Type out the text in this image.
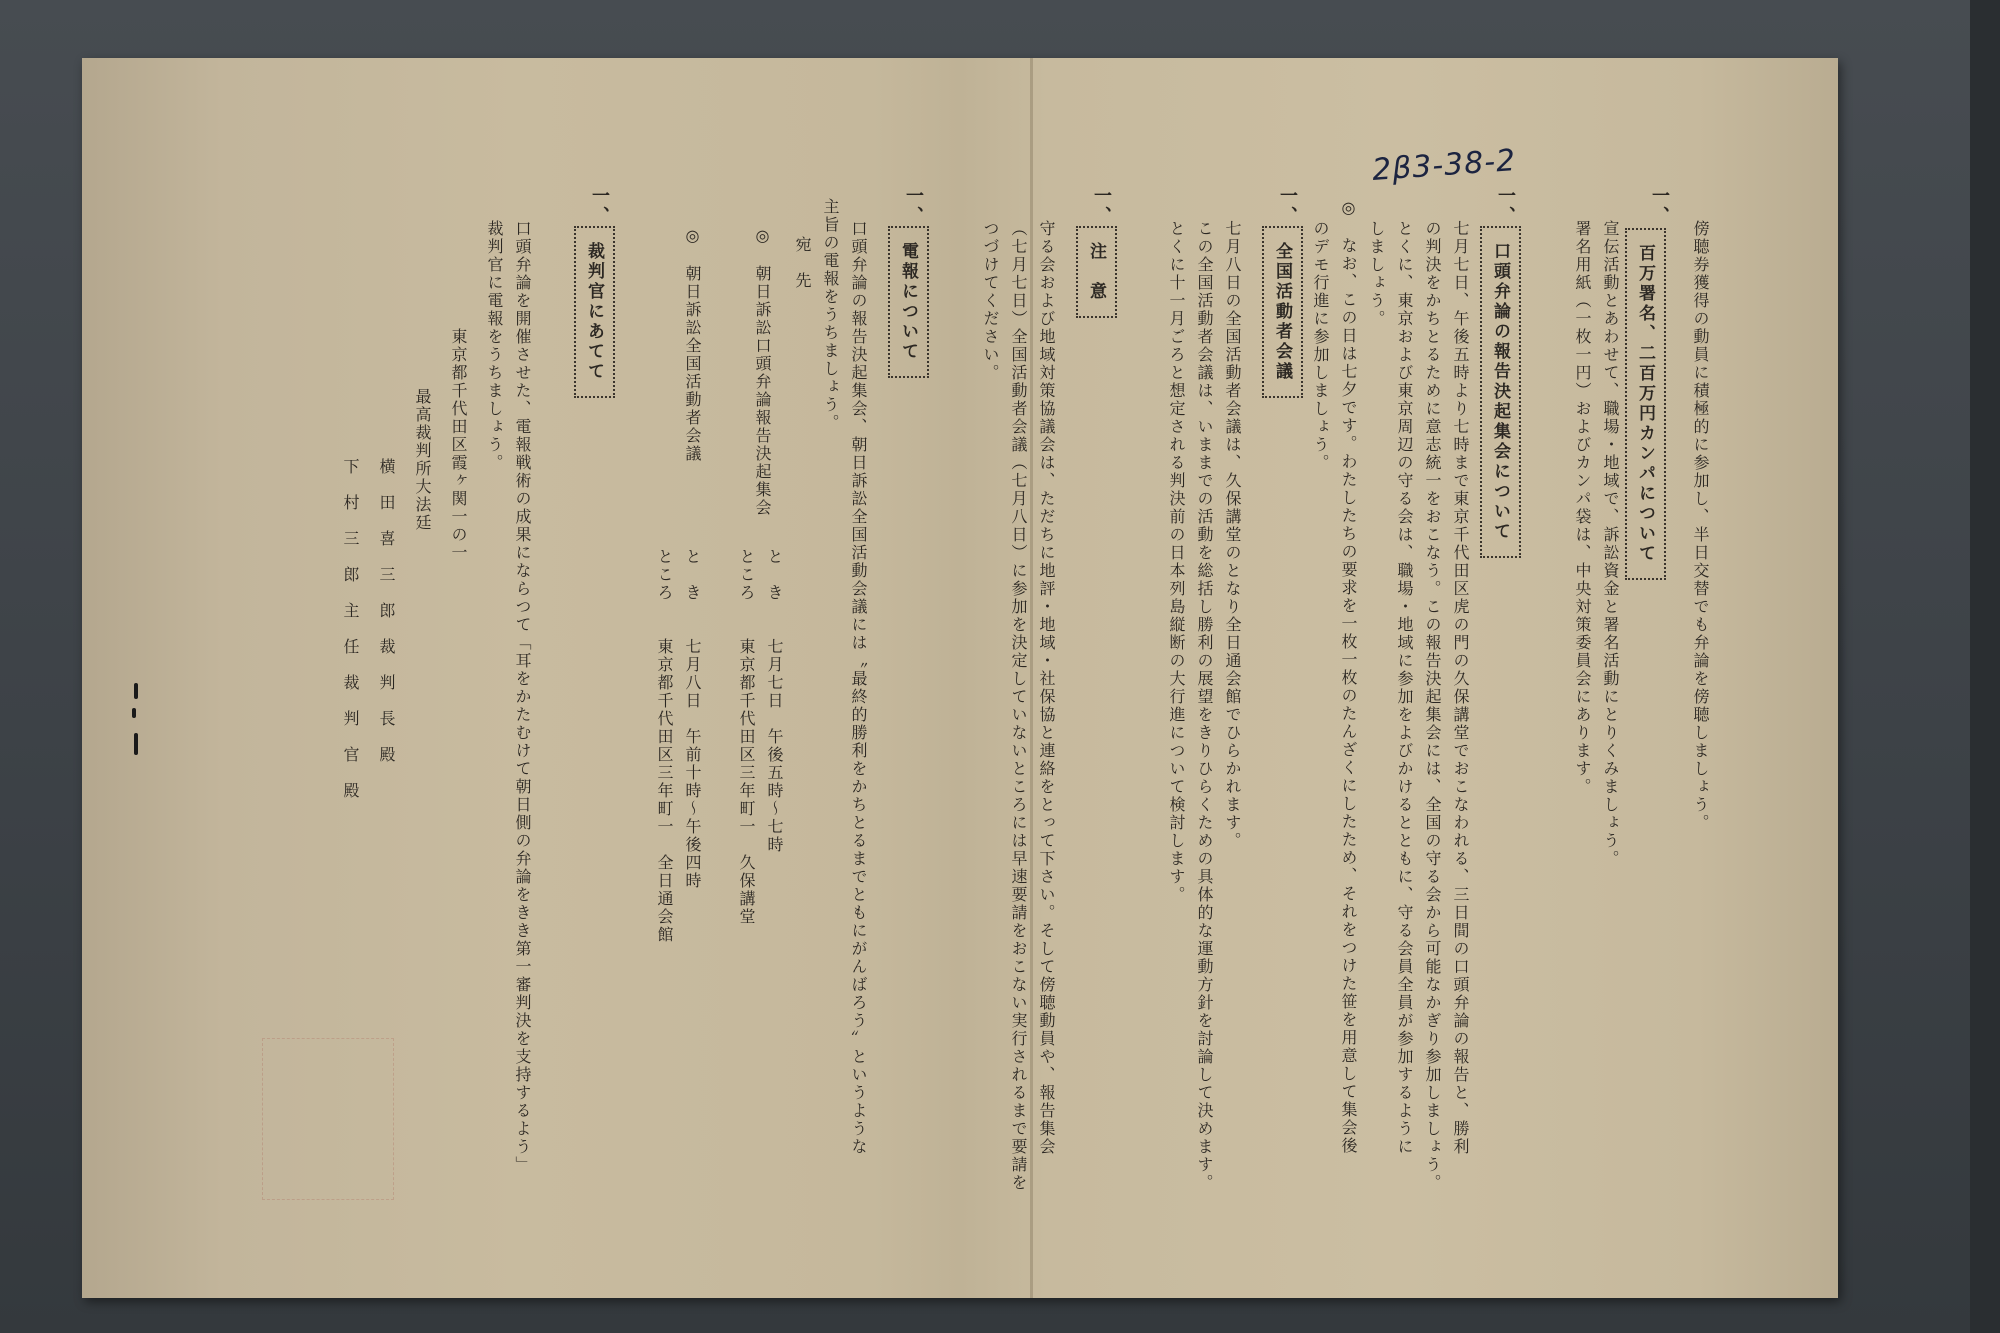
2β3-38-2
一、
傍聴券獲得の動員に積極的に参加し、半日交替でも弁論を傍聴しましょう。
百万署名、二百万円カンパについて
宣伝活動とあわせて、職場・地域で、訴訟資金と署名活動にとりくみましょう。
署名用紙（一枚一円）およびカンパ袋は、中央対策委員会にあります。
一、
口頭弁論の報告決起集会について
七月七日、午後五時より七時まで東京千代田区虎の門の久保講堂でおこなわれる、三日間の口頭弁論の報告と、勝利
の判決をかちとるために意志統一をおこなう。この報告決起集会には、全国の守る会から可能なかぎり参加しましょう。
とくに、東京および東京周辺の守る会は、職場・地域に参加をよびかけるとともに、守る会員全員が参加するように
しましょう。
◎　なお、この日は七夕です。わたしたちの要求を一枚一枚のたんざくにしたため、それをつけた笹を用意して集会後
のデモ行進に参加しましょう。
一、
全国活動者会議
七月八日の全国活動者会議は、久保講堂のとなり全日通会館でひらかれます。
この全国活動者会議は、いままでの活動を総括し勝利の展望をきりひらくための具体的な運動方針を討論して決めます。
とくに十一月ごろと想定される判決前の日本列島縦断の大行進について検討します。
一、
注　意
守る会および地域対策協議会は、ただちに地評・地域・社保協と連絡をとって下さい。そして傍聴動員や、報告集会
（七月七日）全国活動者会議（七月八日）に参加を決定していないところには早速要請をおこない実行されるまで要請を
つづけてください。
一、
電報について
口頭弁論の報告決起集会、朝日訴訟全国活動会議には〝最終的勝利をかちとるまでともにがんばろう〟というような
主旨の電報をうちましょう。
宛　先
◎　朝日訴訟口頭弁論報告決起集会
と　き　　七月七日　午後五時〜七時
ところ　　東京都千代田区三年町一　久保講堂
◎　朝日訴訟全国活動者会議
と　き　　七月八日　午前十時〜午後四時
ところ　　東京都千代田区三年町一　全日通会館
一、
裁判官にあてて
口頭弁論を開催させた、電報戦術の成果にならつて「耳をかたむけて朝日側の弁論をきき第一審判決を支持するよう」
裁判官に電報をうちましょう。
東京都千代田区霞ヶ関一の一
最高裁判所大法廷
横　田　喜　三　郎　裁　判　長　殿
下　村　三　郎　主　任　裁　判　官　殿
